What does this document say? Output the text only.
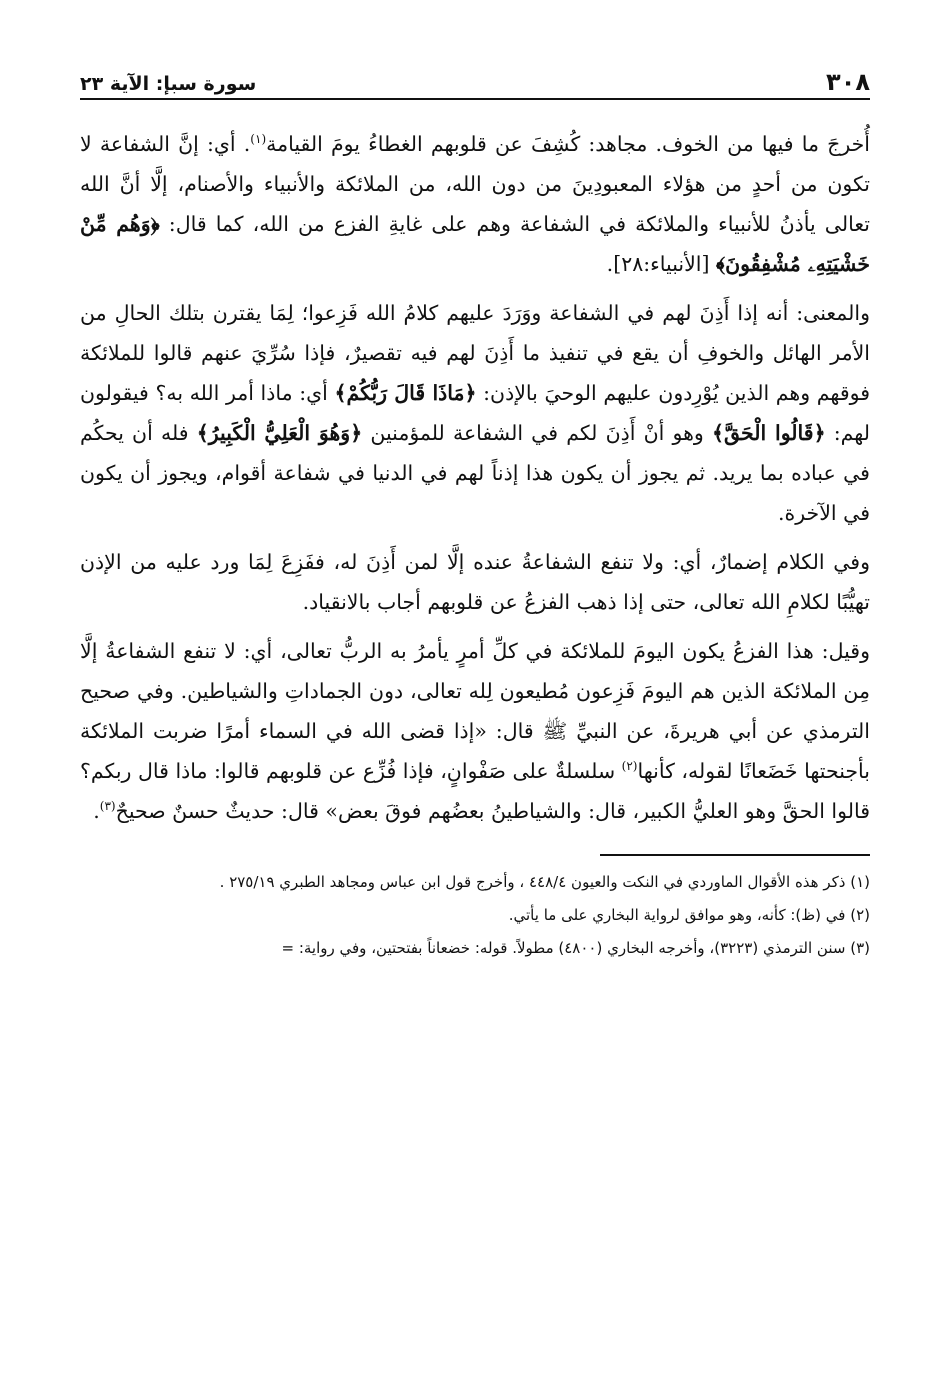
٣٠٨
سورة سبإ: الآية ٢٣

أُخرجَ ما فيها من الخوف. مجاهد: كُشِفَ عن قلوبهم الغطاءُ يومَ القيامة$^{(١)}$. أي: إنَّ الشفاعة لا تكون من أحدٍ من هؤلاء المعبودِينَ من دون الله، من الملائكة والأنبياء والأصنام، إلَّا أنَّ الله تعالى يأذنُ للأنبياء والملائكة في الشفاعة وهم على غايةِ الفزع من الله، كما قال: ﴿وَهُم مِّنْ خَشْيَتِهِۦ مُشْفِقُونَ﴾ [الأنبياء:٢٨].

والمعنى: أنه إذا أَذِنَ لهم في الشفاعة ووَرَدَ عليهم كلامُ الله فَزِعوا؛ لِمَا يقترن بتلك الحالِ من الأمر الهائل والخوفِ أن يقع في تنفيذ ما أَذِنَ لهم فيه تقصيرٌ، فإذا سُرِّيَ عنهم قالوا للملائكة فوقهم وهم الذين يُوْرِدون عليهم الوحيَ بالإذن: ﴿مَاذَا قَالَ رَبُّكُمْ﴾ أي: ماذا أمر الله به؟ فيقولون لهم: ﴿قَالُوا الْحَقَّ﴾ وهو أنْ أَذِنَ لكم في الشفاعة للمؤمنين ﴿وَهُوَ الْعَلِيُّ الْكَبِيرُ﴾ فله أن يحكُم في عباده بما يريد. ثم يجوز أن يكون هذا إذناً لهم في الدنيا في شفاعة أقوام، ويجوز أن يكون في الآخرة.

وفي الكلام إضمارٌ، أي: ولا تنفع الشفاعةُ عنده إلَّا لمن أَذِنَ له، ففَزِعَ لِمَا ورد عليه من الإذن تهيُّبًا لكلامِ الله تعالى، حتى إذا ذهب الفزعُ عن قلوبهم أجاب بالانقياد.

وقيل: هذا الفزعُ يكون اليومَ للملائكة في كلِّ أمرٍ يأمرُ به الربُّ تعالى، أي: لا تنفع الشفاعةُ إلَّا مِن الملائكة الذين هم اليومَ فَزِعون مُطيعون لِله تعالى، دون الجماداتِ والشياطين. وفي صحيح الترمذي عن أبي هريرةَ، عن النبيِّ ﷺ قال: «إذا قضى الله في السماء أمرًا ضربت الملائكة بأجنحتها خَضَعانًا لقوله، كأنها$^{(٢)}$ سلسلةٌ على صَفْوانٍ، فإذا فُزِّع عن قلوبهم قالوا: ماذا قال ربكم؟ قالوا الحقَّ وهو العليُّ الكبير، قال: والشياطينُ بعضُهم فوقَ بعض» قال: حديثٌ حسنٌ صحيحٌ$^{(٣)}$.

(١) ذكر هذه الأقوال الماوردي في النكت والعيون ٤٤٨/٤ ، وأخرج قول ابن عباس ومجاهد الطبري ٢٧٥/١٩ .

(٢) في (ظ): كأنه، وهو موافق لرواية البخاري على ما يأتي.

(٣) سنن الترمذي (٣٢٢٣)، وأخرجه البخاري (٤٨٠٠) مطولاً. قوله: خضعاناً بفتحتين، وفي رواية: =
